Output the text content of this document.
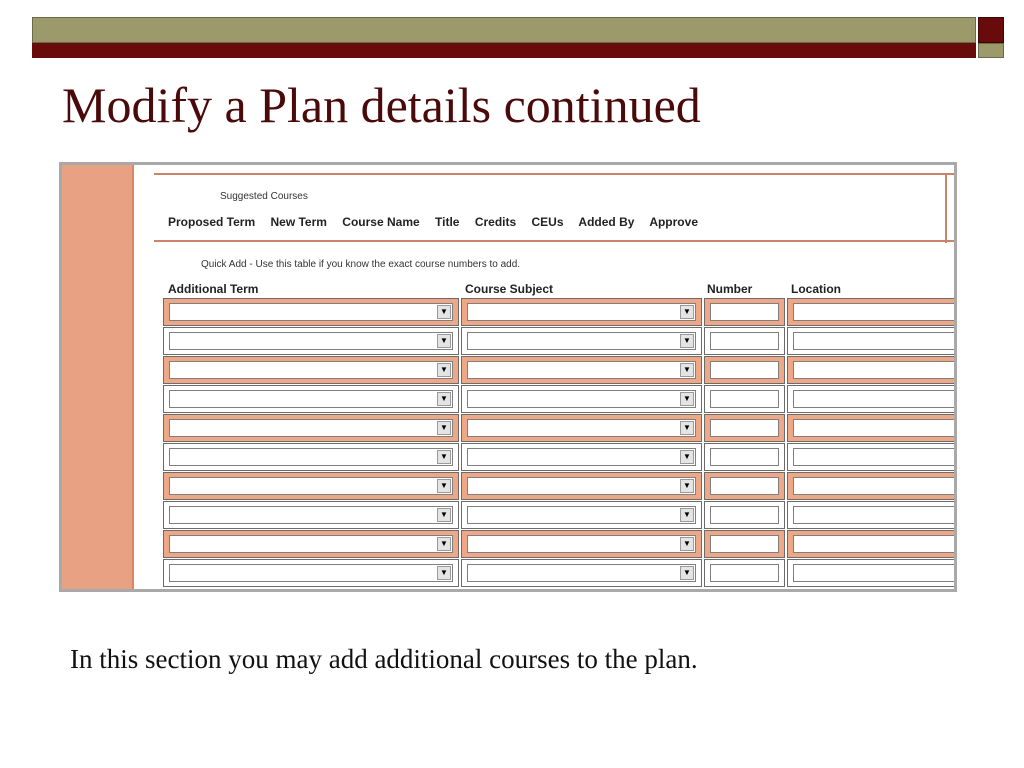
Modify a Plan details continued
Suggested Courses
Proposed Term New Term Course Name Title Credits CEUs Added By Approve
Quick Add - Use this table if you know the exact course numbers to add.
Additional Term	Course Subject	Number	Location
▼	▼
▼	▼
▼	▼
▼	▼
▼	▼
▼	▼
▼	▼
▼	▼
▼	▼
▼	▼

In this section you may add additional courses to the plan.
